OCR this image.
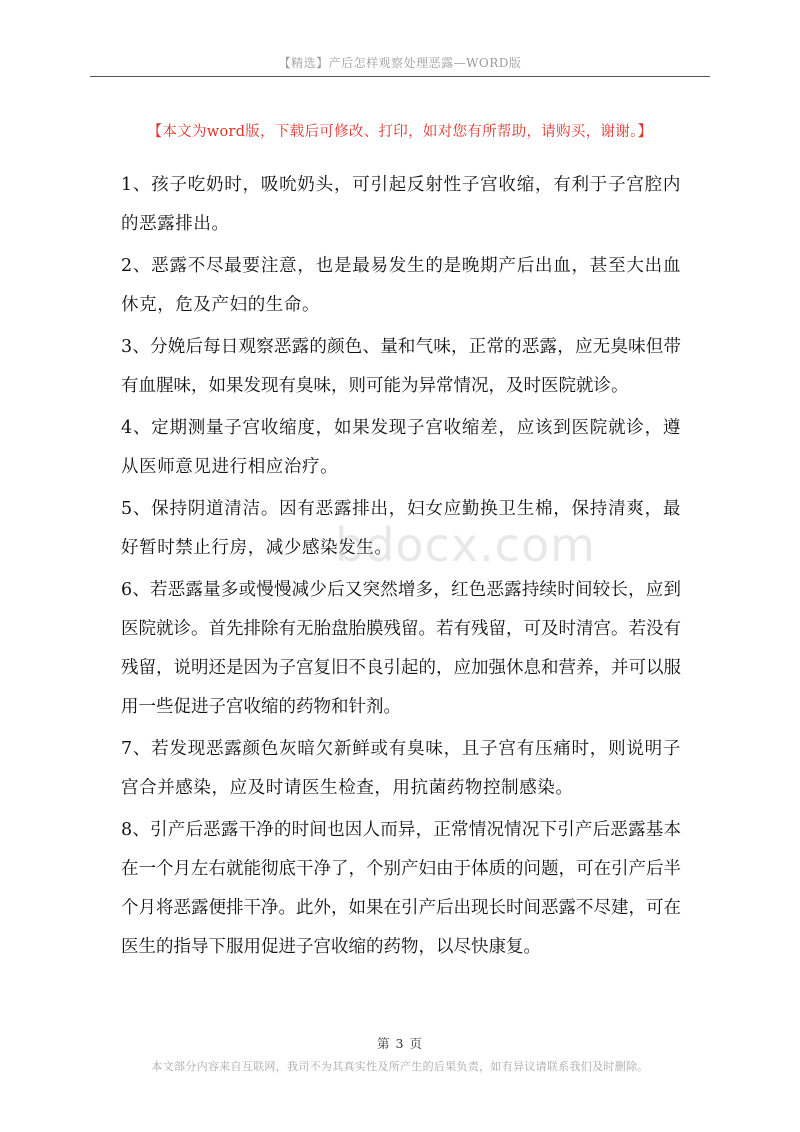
【精选】产后怎样观察处理恶露—WORD版
【本文为word版，下载后可修改、打印，如对您有所帮助，请购买，谢谢。】

1、孩子吃奶时，吸吮奶头，可引起反射性子宫收缩，有利于子宫腔内的恶露排出。

2、恶露不尽最要注意，也是最易发生的是晚期产后出血，甚至大出血休克，危及产妇的生命。

3、分娩后每日观察恶露的颜色、量和气味，正常的恶露，应无臭味但带有血腥味，如果发现有臭味，则可能为异常情况，及时医院就诊。

4、定期测量子宫收缩度，如果发现子宫收缩差，应该到医院就诊，遵从医师意见进行相应治疗。

5、保持阴道清洁。因有恶露排出，妇女应勤换卫生棉，保持清爽，最好暂时禁止行房，减少感染发生。

6、若恶露量多或慢慢减少后又突然增多，红色恶露持续时间较长，应到医院就诊。首先排除有无胎盘胎膜残留。若有残留，可及时清宫。若没有残留，说明还是因为子宫复旧不良引起的，应加强休息和营养，并可以服用一些促进子宫收缩的药物和针剂。

7、若发现恶露颜色灰暗欠新鲜或有臭味，且子宫有压痛时，则说明子宫合并感染，应及时请医生检查，用抗菌药物控制感染。

8、引产后恶露干净的时间也因人而异，正常情况情况下引产后恶露基本在一个月左右就能彻底干净了，个别产妇由于体质的问题，可在引产后半个月将恶露便排干净。此外，如果在引产后出现长时间恶露不尽建，可在医生的指导下服用促进子宫收缩的药物，以尽快康复。

bdocx.com
第 3 页
本文部分内容来自互联网，我司不为其真实性及所产生的后果负责，如有异议请联系我们及时删除。
